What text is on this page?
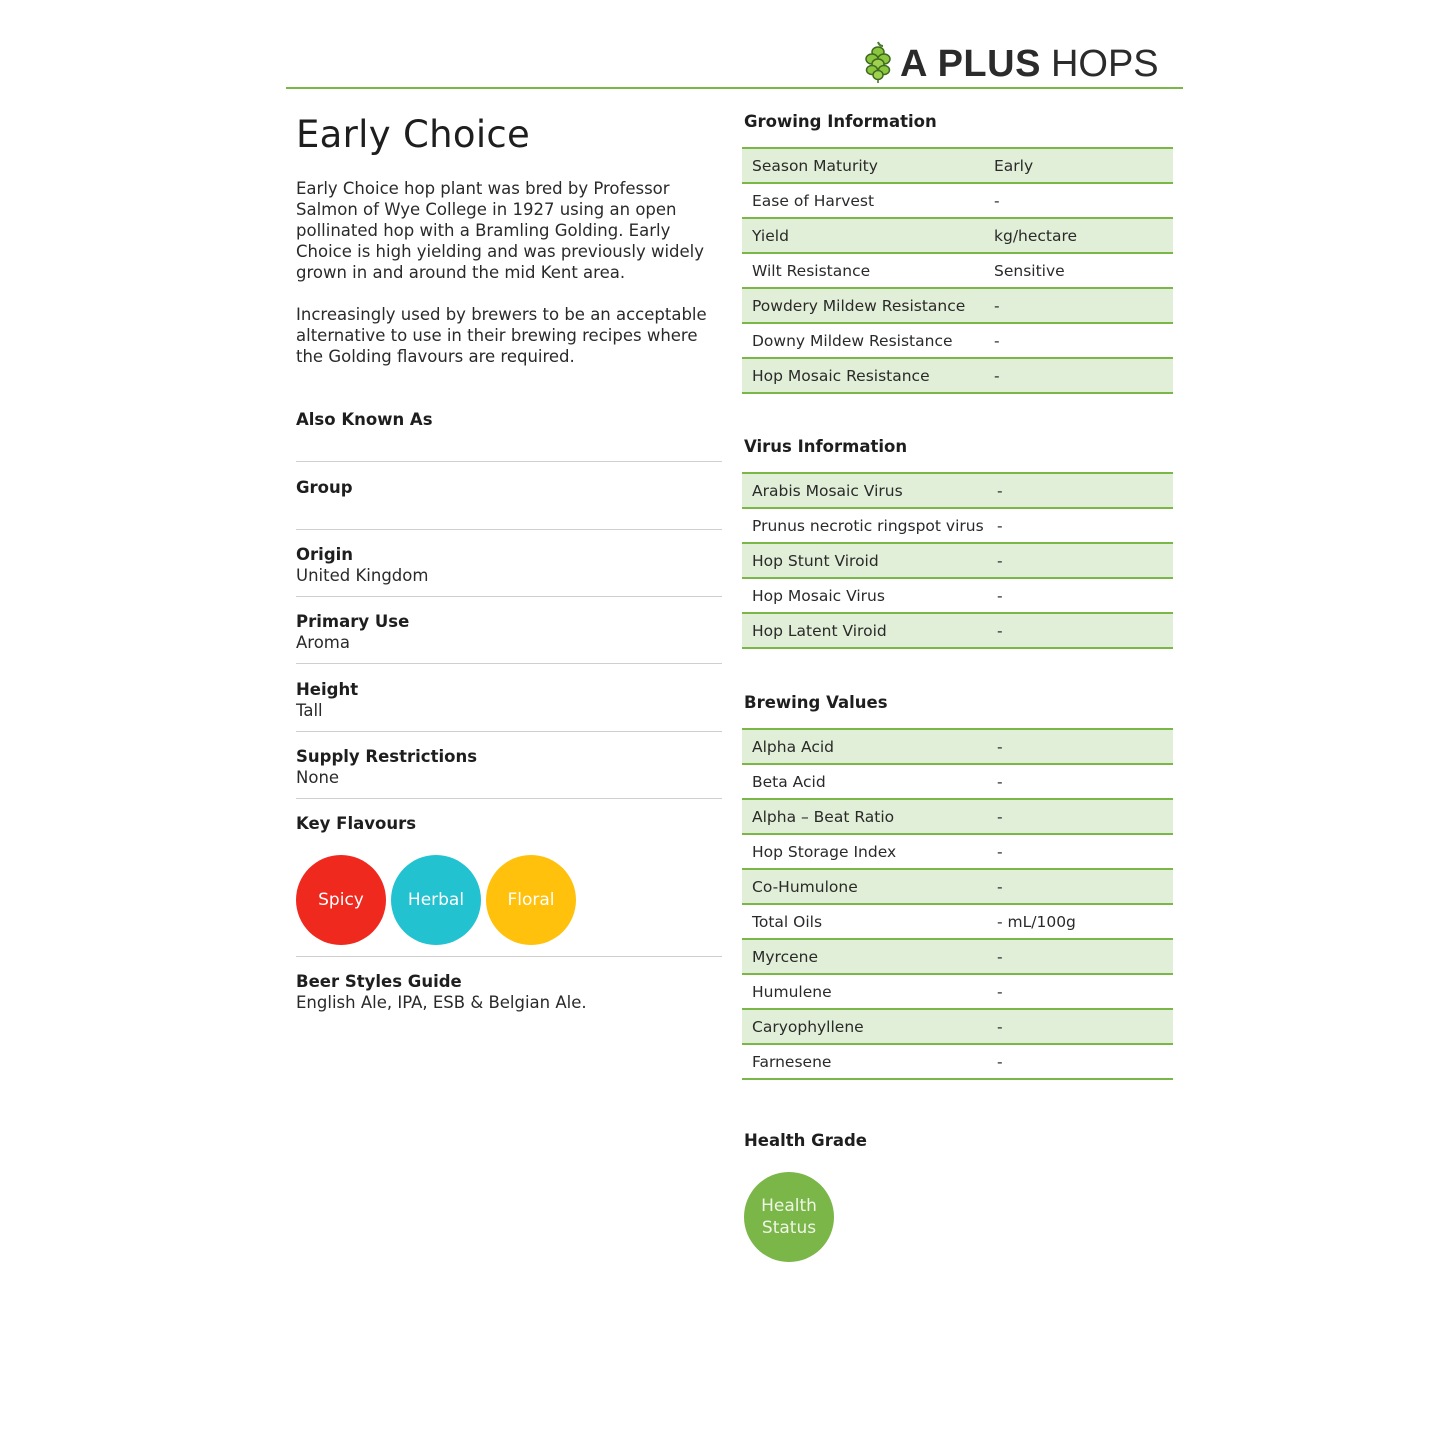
A PLUS HOPS
Early Choice

Early Choice hop plant was bred by Professor Salmon of Wye College in 1927 using an open pollinated hop with a Bramling Golding. Early Choice is high yielding and was previously widely grown in and around the mid Kent area.

Increasingly used by brewers to be an acceptable alternative to use in their brewing recipes where the Golding flavours are required.

Also Known As
Group
Origin
United Kingdom
Primary Use
Aroma
Height
Tall
Supply Restrictions
None
Key Flavours
Spicy	Herbal	Floral
Beer Styles Guide
English Ale, IPA, ESB & Belgian Ale.
Growing Information
Season Maturity	Early
Ease of Harvest	-
Yield	kg/hectare
Wilt Resistance	Sensitive
Powdery Mildew Resistance	-
Downy Mildew Resistance	-
Hop Mosaic Resistance	-
Virus Information
Arabis Mosaic Virus	-
Prunus necrotic ringspot virus -
Hop Stunt Viroid	-
Hop Mosaic Virus	-
Hop Latent Viroid	-
Brewing Values
Alpha Acid	-
Beta Acid	-
Alpha – Beat Ratio	-
Hop Storage Index	-
Co-Humulone	-
Total Oils	- mL/100g
Myrcene	-
Humulene	-
Caryophyllene	-
Farnesene	-
Health Grade
Health
Status
